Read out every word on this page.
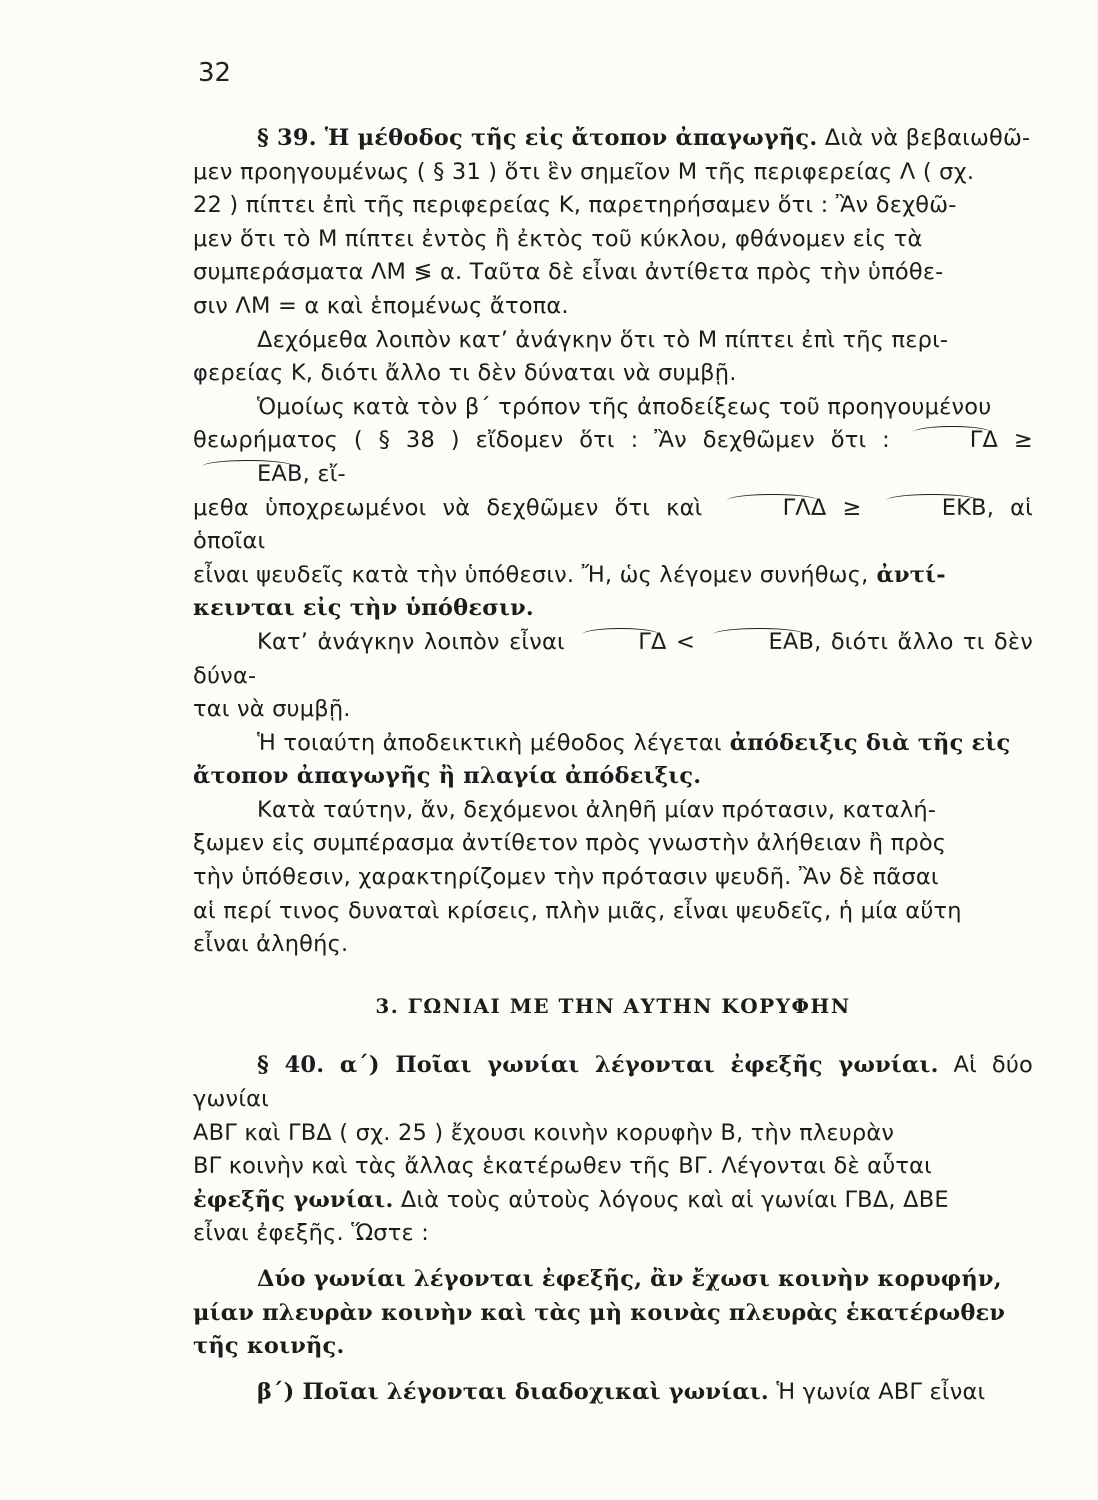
32

§ 39. Ἡ μέθοδος τῆς εἰς ἄτοπον ἀπαγωγῆς. Διὰ νὰ βεβαιωθῶ-
μεν προηγουμένως ( § 31 ) ὅτι ἓν σημεῖον Μ τῆς περιφερείας Λ ( σχ.
22 ) πίπτει ἐπὶ τῆς περιφερείας Κ, παρετηρήσαμεν ὅτι : Ἂν δεχθῶ-
μεν ὅτι τὸ Μ πίπτει ἐντὸς ἢ ἐκτὸς τοῦ κύκλου, φθάνομεν εἰς τὰ
συμπεράσματα ΛΜ ≶ α. Ταῦτα δὲ εἶναι ἀντίθετα πρὸς τὴν ὑπόθε-
σιν ΛΜ = α καὶ ἑπομένως ἄτοπα.

Δεχόμεθα λοιπὸν κατ’ ἀνάγκην ὅτι τὸ Μ πίπτει ἐπὶ τῆς περι-
φερείας Κ, διότι ἄλλο τι δὲν δύναται νὰ συμβῇ.

Ὁμοίως κατὰ τὸν β΄ τρόπον τῆς ἀποδείξεως τοῦ προηγουμένου
θεωρήματος ( § 38 ) εἴδομεν ὅτι : Ἂν δεχθῶμεν ὅτι :	ΓΔ ≥ ΕΑΒ, εἴ-
μεθα ὑποχρεωμένοι νὰ δεχθῶμεν ὅτι καὶ	ΓΛΔ ≥	ΕΚΒ, αἱ ὁποῖαι
εἶναι ψευδεῖς κατὰ τὴν ὑπόθεσιν. Ἤ, ὡς λέγομεν συνήθως, ἀντί-
κεινται εἰς τὴν ὑπόθεσιν.

Κατ’ ἀνάγκην λοιπὸν εἶναι	ΓΔ <	ΕΑΒ, διότι ἄλλο τι δὲν δύνα-
ται νὰ συμβῇ.

Ἡ τοιαύτη ἀποδεικτικὴ μέθοδος λέγεται ἀπόδειξις διὰ τῆς εἰς
ἄτοπον ἀπαγωγῆς ἢ πλαγία ἀπόδειξις.

Κατὰ ταύτην, ἄν, δεχόμενοι ἀληθῆ μίαν πρότασιν, καταλή-
ξωμεν εἰς συμπέρασμα ἀντίθετον πρὸς γνωστὴν ἀλήθειαν ἢ πρὸς
τὴν ὑπόθεσιν, χαρακτηρίζομεν τὴν πρότασιν ψευδῆ. Ἂν δὲ πᾶσαι
αἱ περί τινος δυναταὶ κρίσεις, πλὴν μιᾶς, εἶναι ψευδεῖς, ἡ μία αὕτη
εἶναι ἀληθής.

3. ΓΩΝΙΑΙ ΜΕ ΤΗΝ ΑΥΤΗΝ ΚΟΡΥΦΗΝ

§ 40. α΄) Ποῖαι γωνίαι λέγονται ἐφεξῆς γωνίαι. Αἱ δύο γωνίαι
ΑΒΓ καὶ ΓΒΔ ( σχ. 25 ) ἔχουσι κοινὴν κορυφὴν Β, τὴν πλευρὰν
ΒΓ κοινὴν καὶ τὰς ἄλλας ἑκατέρωθεν τῆς ΒΓ. Λέγονται δὲ αὗται
ἐφεξῆς γωνίαι. Διὰ τοὺς αὐτοὺς λόγους καὶ αἱ γωνίαι ΓΒΔ, ΔΒΕ
εἶναι ἐφεξῆς. Ὥστε :

Δύο γωνίαι λέγονται ἐφεξῆς, ἂν ἔχωσι κοινὴν κορυφήν,
μίαν πλευρὰν κοινὴν καὶ τὰς μὴ κοινὰς πλευρὰς ἑκατέρωθεν
τῆς κοινῆς.

β΄) Ποῖαι λέγονται διαδοχικαὶ γωνίαι. Ἡ γωνία ΑΒΓ εἶναι
